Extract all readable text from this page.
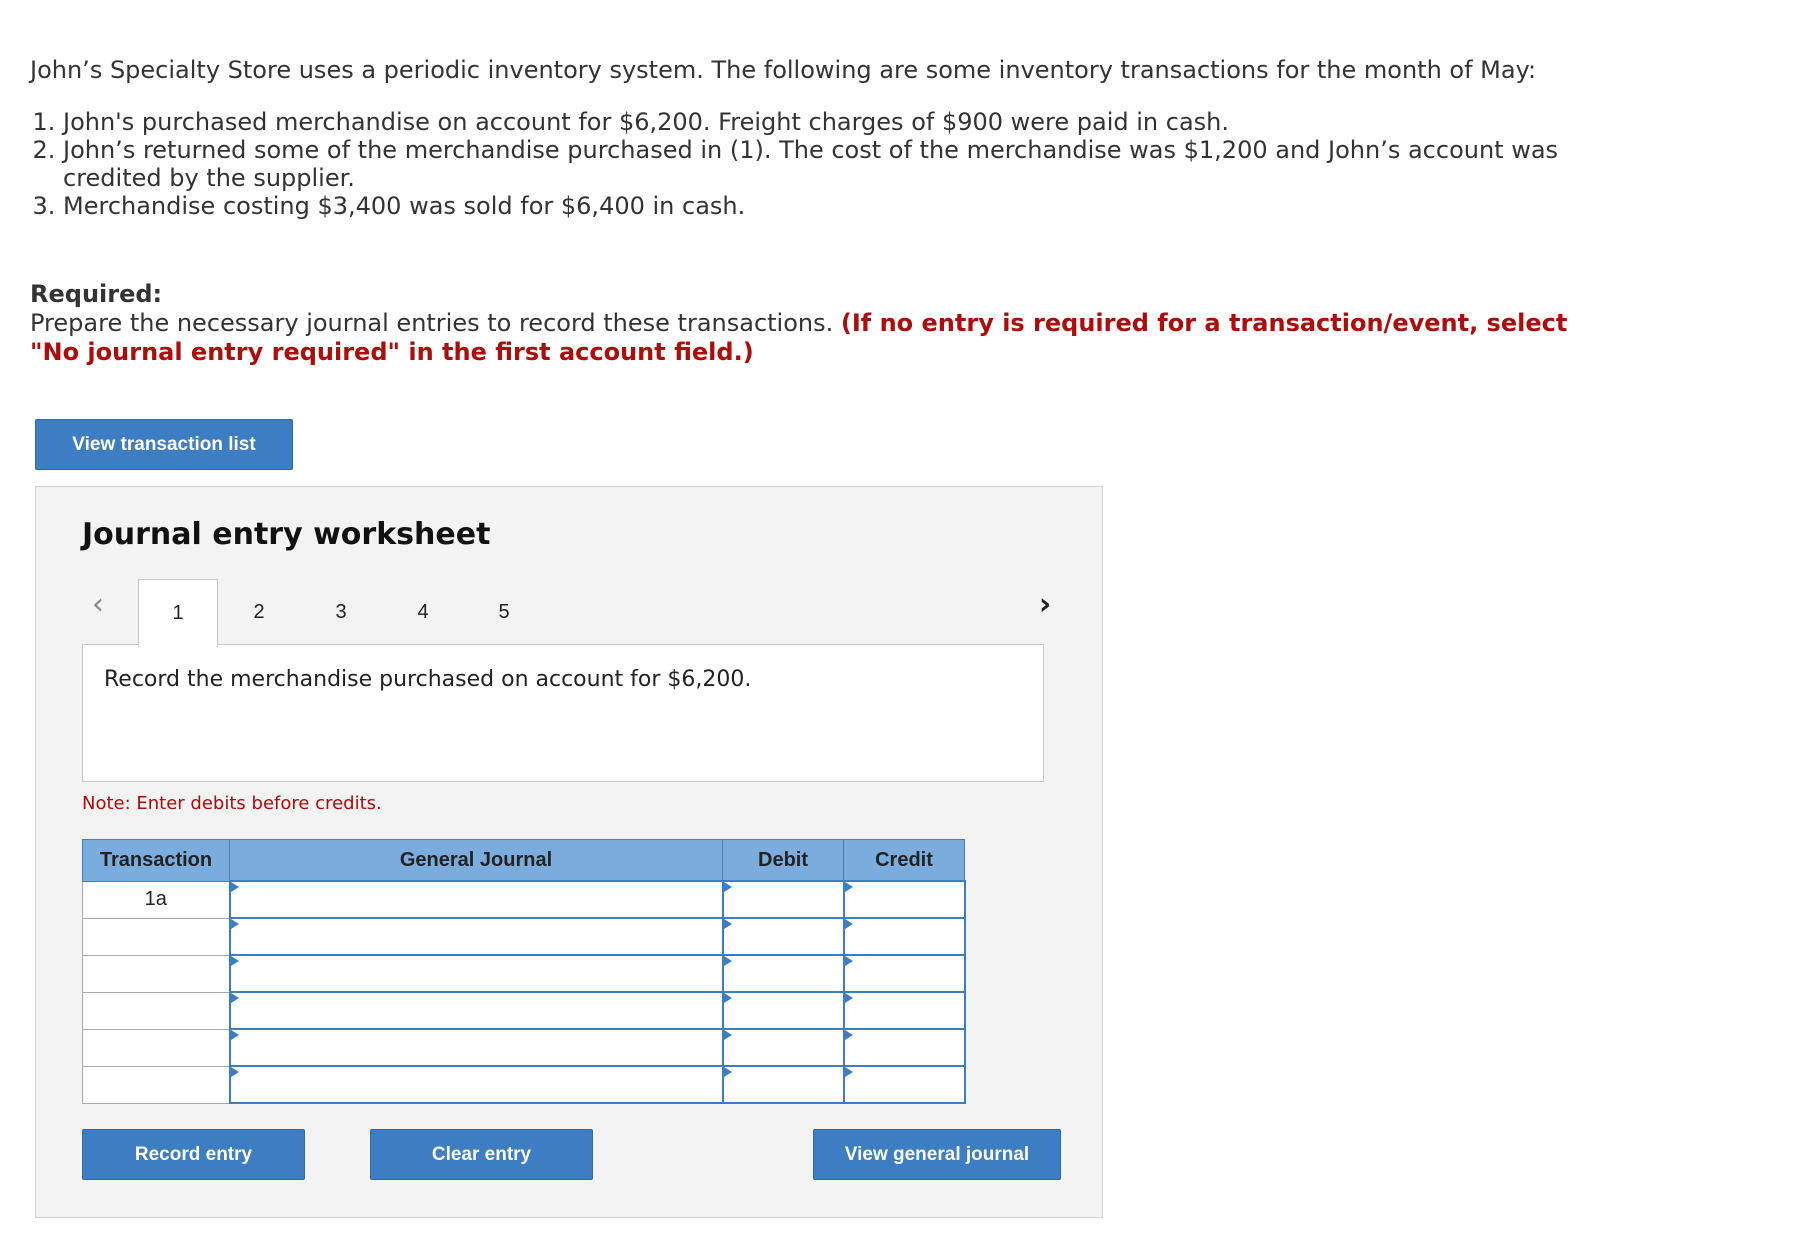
John’s Specialty Store uses a periodic inventory system. The following are some inventory transactions for the month of May:

1. John's purchased merchandise on account for $6,200. Freight charges of $900 were paid in cash.
2. John’s returned some of the merchandise purchased in (1). The cost of the merchandise was $1,200 and John’s account was credited by the supplier.
3. Merchandise costing $3,400 was sold for $6,400 in cash.
Required:
Prepare the necessary journal entries to record these transactions. (If no entry is required for a transaction/event, select "No journal entry required" in the first account field.)
View transaction list
Journal entry worksheet
‹	1	2	3	4	5	›
Record the merchandise purchased on account for $6,200.
Note: Enter debits before credits.
Transaction	General Journal	Debit	Credit
1a			

Record entry	Clear entry	View general journal
